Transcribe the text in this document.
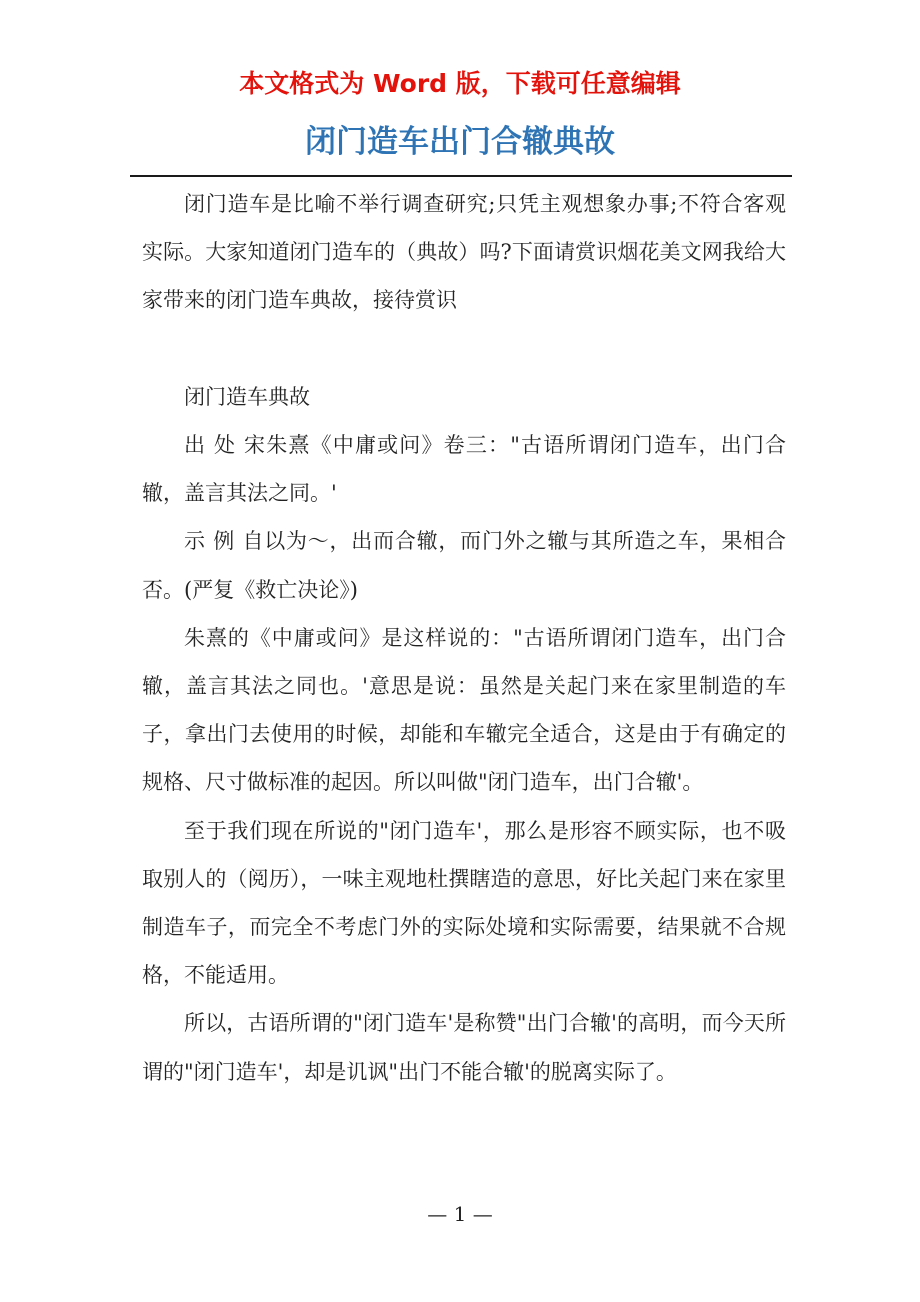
本文格式为 Word 版，下载可任意编辑
闭门造车出门合辙典故

闭门造车是比喻不举行调查研究;只凭主观想象办事;不符合客观实际。大家知道闭门造车的（典故）吗?下面请赏识烟花美文网我给大家带来的闭门造车典故，接待赏识

闭门造车典故

出 处 宋朱熹《中庸或问》卷三："古语所谓闭门造车，出门合辙，盖言其法之同。'

示 例 自以为～，出而合辙，而门外之辙与其所造之车，果相合否。(严复《救亡决论》)

朱熹的《中庸或问》是这样说的："古语所谓闭门造车，出门合辙，盖言其法之同也。'意思是说：虽然是关起门来在家里制造的车子，拿出门去使用的时候，却能和车辙完全适合，这是由于有确定的规格、尺寸做标准的起因。所以叫做"闭门造车，出门合辙'。

至于我们现在所说的"闭门造车'，那么是形容不顾实际，也不吸取别人的（阅历），一味主观地杜撰瞎造的意思，好比关起门来在家里制造车子，而完全不考虑门外的实际处境和实际需要，结果就不合规格，不能适用。

所以，古语所谓的"闭门造车'是称赞"出门合辙'的高明，而今天所谓的"闭门造车'，却是讥讽"出门不能合辙'的脱离实际了。

— 1 —
